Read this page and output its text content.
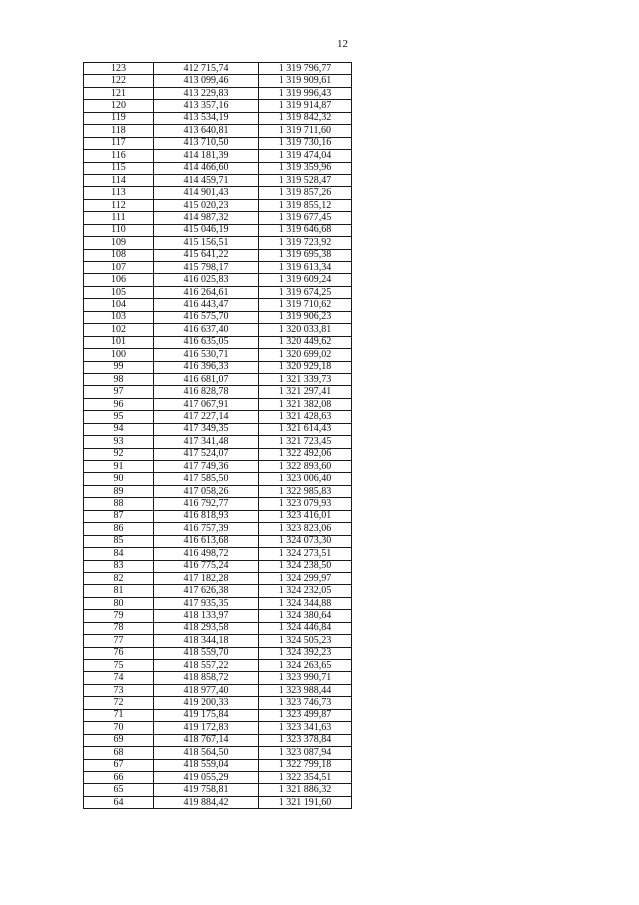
12
123	412 715,74	1 319 796,77
122	413 099,46	1 319 909,61
121	413 229,83	1 319 996,43
120	413 357,16	1 319 914,87
119	413 534,19	1 319 842,32
118	413 640,81	1 319 711,60
117	413 710,50	1 319 730,16
116	414 181,39	1 319 474,04
115	414 466,60	1 319 359,96
114	414 459,71	1 319 528,47
113	414 901,43	1 319 857,26
112	415 020,23	1 319 855,12
111	414 987,32	1 319 677,45
110	415 046,19	1 319 646,68
109	415 156,51	1 319 723,92
108	415 641,22	1 319 695,38
107	415 798,17	1 319 613,34
106	416 025,83	1 319 609,24
105	416 264,61	1 319 674,25
104	416 443,47	1 319 710,62
103	416 575,70	1 319 906,23
102	416 637,40	1 320 033,81
101	416 635,05	1 320 449,62
100	416 530,71	1 320 699,02
99	416 396,33	1 320 929,18
98	416 681,07	1 321 339,73
97	416 828,78	1 321 297,41
96	417 067,91	1 321 382,08
95	417 227,14	1 321 428,63
94	417 349,35	1 321 614,43
93	417 341,48	1 321 723,45
92	417 524,07	1 322 492,06
91	417 749,36	1 322 893,60
90	417 585,50	1 323 006,40
89	417 058,26	1 322 985,83
88	416 792,77	1 323 079,93
87	416 818,93	1 323 416,01
86	416 757,39	1 323 823,06
85	416 613,68	1 324 073,30
84	416 498,72	1 324 273,51
83	416 775,24	1 324 238,50
82	417 182,28	1 324 299,97
81	417 626,38	1 324 232,05
80	417 935,35	1 324 344,88
79	418 133,97	1 324 380,64
78	418 293,58	1 324 446,84
77	418 344,18	1 324 505,23
76	418 559,70	1 324 392,23
75	418 557,22	1 324 263,65
74	418 858,72	1 323 990,71
73	418 977,40	1 323 988,44
72	419 200,33	1 323 746,73
71	419 175,84	1 323 499,87
70	419 172,83	1 323 341,63
69	418 767,14	1 323 378,84
68	418 564,50	1 323 087,94
67	418 559,04	1 322 799,18
66	419 055,29	1 322 354,51
65	419 758,81	1 321 886,32
64	419 884,42	1 321 191,60
